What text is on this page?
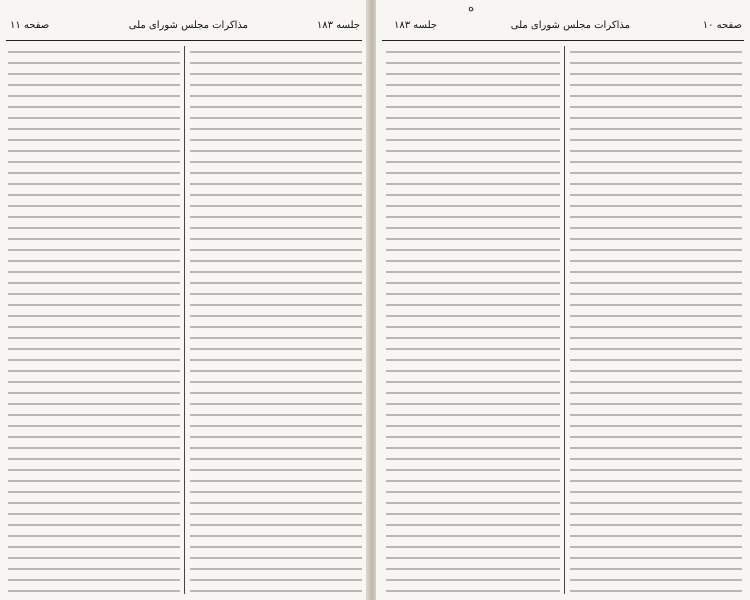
جلسه ۱۸۳
مذاکرات مجلس شورای ملی
صفحه ۱۱	صفحه ۱۰
مذاکرات مجلس شورای ملی
جلسه ۱۸۳
ه
